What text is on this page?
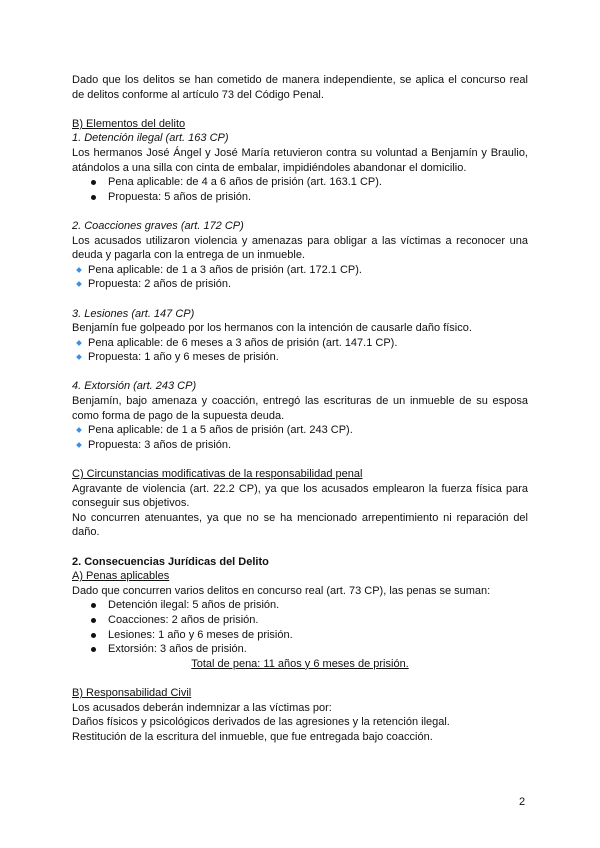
Dado que los delitos se han cometido de manera independiente, se aplica el concurso real de delitos conforme al artículo 73 del Código Penal.

B) Elementos del delito

1. Detención ilegal (art. 163 CP)

Los hermanos José Ángel y José María retuvieron contra su voluntad a Benjamín y Braulio, atándolos a una silla con cinta de embalar, impidiéndoles abandonar el domicilio.

Pena aplicable: de 4 a 6 años de prisión (art. 163.1 CP).
Propuesta: 5 años de prisión.

2. Coacciones graves (art. 172 CP)

Los acusados utilizaron violencia y amenazas para obligar a las víctimas a reconocer una deuda y pagarla con la entrega de un inmueble.

Pena aplicable: de 1 a 3 años de prisión (art. 172.1 CP).
Propuesta: 2 años de prisión.

3. Lesiones (art. 147 CP)

Benjamín fue golpeado por los hermanos con la intención de causarle daño físico.

Pena aplicable: de 6 meses a 3 años de prisión (art. 147.1 CP).
Propuesta: 1 año y 6 meses de prisión.

4. Extorsión (art. 243 CP)

Benjamín, bajo amenaza y coacción, entregó las escrituras de un inmueble de su esposa como forma de pago de la supuesta deuda.

Pena aplicable: de 1 a 5 años de prisión (art. 243 CP).
Propuesta: 3 años de prisión.

C) Circunstancias modificativas de la responsabilidad penal

Agravante de violencia (art. 22.2 CP), ya que los acusados emplearon la fuerza física para conseguir sus objetivos.

No concurren atenuantes, ya que no se ha mencionado arrepentimiento ni reparación del daño.

2. Consecuencias Jurídicas del Delito

A) Penas aplicables

Dado que concurren varios delitos en concurso real (art. 73 CP), las penas se suman:

Detención ilegal: 5 años de prisión.
Coacciones: 2 años de prisión.
Lesiones: 1 año y 6 meses de prisión.
Extorsión: 3 años de prisión.

Total de pena: 11 años y 6 meses de prisión.

B) Responsabilidad Civil

Los acusados deberán indemnizar a las víctimas por:

Daños físicos y psicológicos derivados de las agresiones y la retención ilegal.

Restitución de la escritura del inmueble, que fue entregada bajo coacción.

2
